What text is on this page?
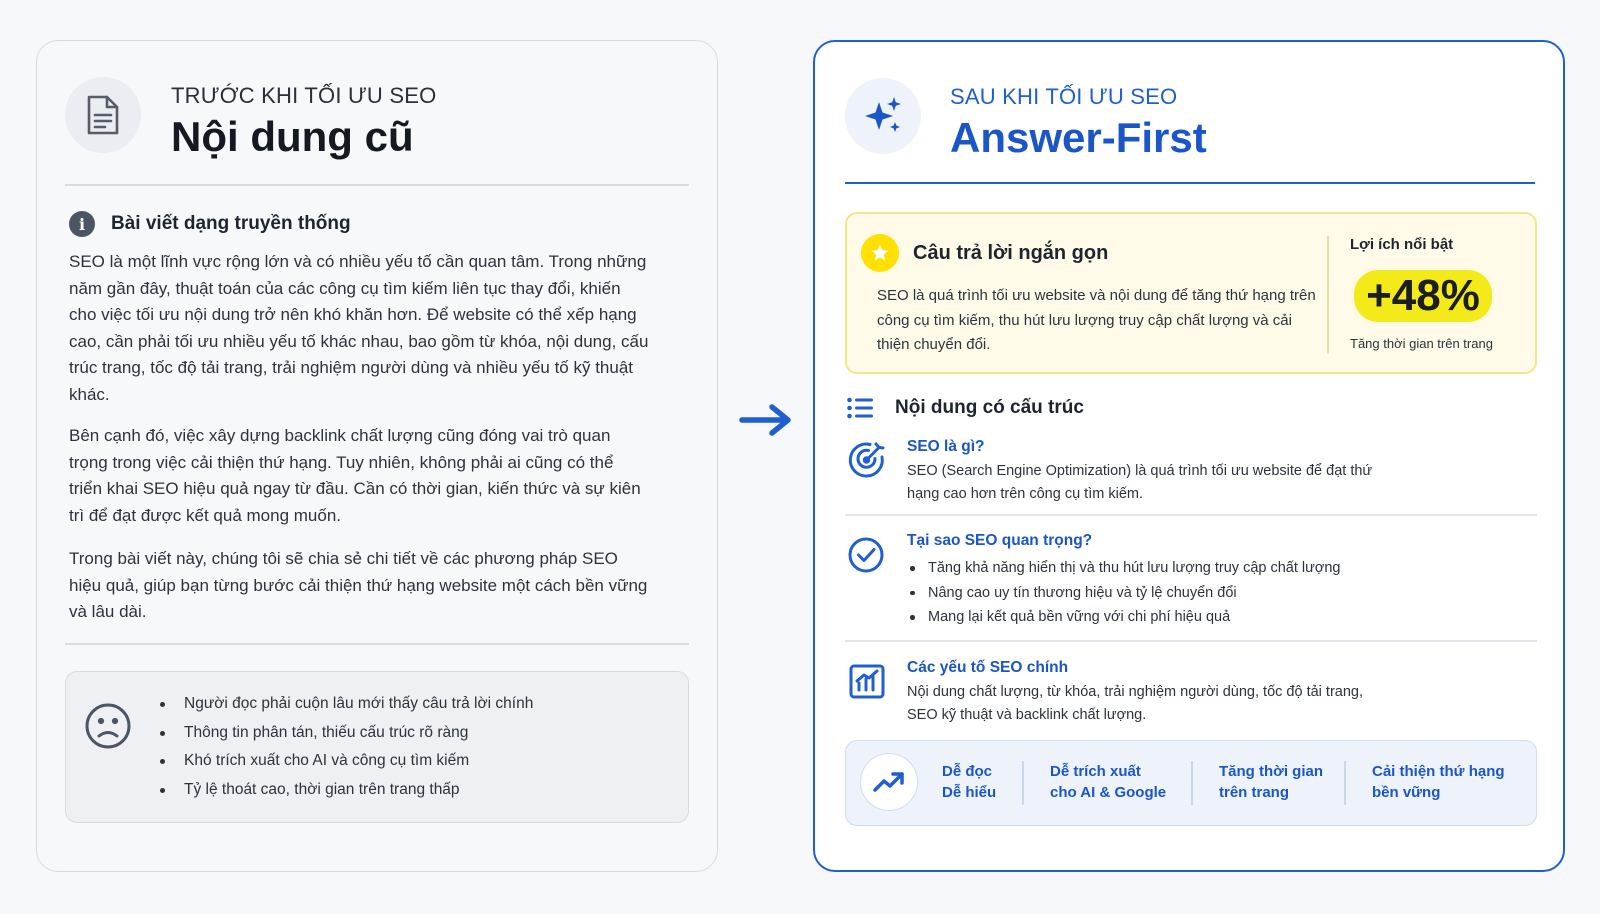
TRƯỚC KHI TỐI ƯU SEO
Nội dung cũ
i	Bài viết dạng truyền thống

SEO là một lĩnh vực rộng lớn và có nhiều yếu tố cần quan tâm. Trong những năm gần đây, thuật toán của các công cụ tìm kiếm liên tục thay đổi, khiến cho việc tối ưu nội dung trở nên khó khăn hơn. Để website có thể xếp hạng cao, cần phải tối ưu nhiều yếu tố khác nhau, bao gồm từ khóa, nội dung, cấu trúc trang, tốc độ tải trang, trải nghiệm người dùng và nhiều yếu tố kỹ thuật khác.

Bên cạnh đó, việc xây dựng backlink chất lượng cũng đóng vai trò quan trọng trong việc cải thiện thứ hạng. Tuy nhiên, không phải ai cũng có thể triển khai SEO hiệu quả ngay từ đầu. Cần có thời gian, kiến thức và sự kiên trì để đạt được kết quả mong muốn.

Trong bài viết này, chúng tôi sẽ chia sẻ chi tiết về các phương pháp SEO hiệu quả, giúp bạn từng bước cải thiện thứ hạng website một cách bền vững và lâu dài.

Người đọc phải cuộn lâu mới thấy câu trả lời chính
Thông tin phân tán, thiếu cấu trúc rõ ràng
Khó trích xuất cho AI và công cụ tìm kiếm
Tỷ lệ thoát cao, thời gian trên trang thấp
SAU KHI TỐI ƯU SEO
Answer-First
Câu trả lời ngắn gọn

SEO là quá trình tối ưu website và nội dung để tăng thứ hạng trên công cụ tìm kiếm, thu hút lưu lượng truy cập chất lượng và cải thiện chuyển đổi.

Lợi ích nổi bật
+48%
Tăng thời gian trên trang
Nội dung có cấu trúc
SEO là gì?

SEO (Search Engine Optimization) là quá trình tối ưu website để đạt thứ hạng cao hơn trên công cụ tìm kiếm.

Tại sao SEO quan trọng?
Tăng khả năng hiển thị và thu hút lưu lượng truy cập chất lượng
Nâng cao uy tín thương hiệu và tỷ lệ chuyển đổi
Mang lại kết quả bền vững với chi phí hiệu quả
Các yếu tố SEO chính

Nội dung chất lượng, từ khóa, trải nghiệm người dùng, tốc độ tải trang, SEO kỹ thuật và backlink chất lượng.

Dễ đọc
Dễ hiểu
Dễ trích xuất
cho AI & Google
Tăng thời gian
trên trang
Cải thiện thứ hạng
bền vững
